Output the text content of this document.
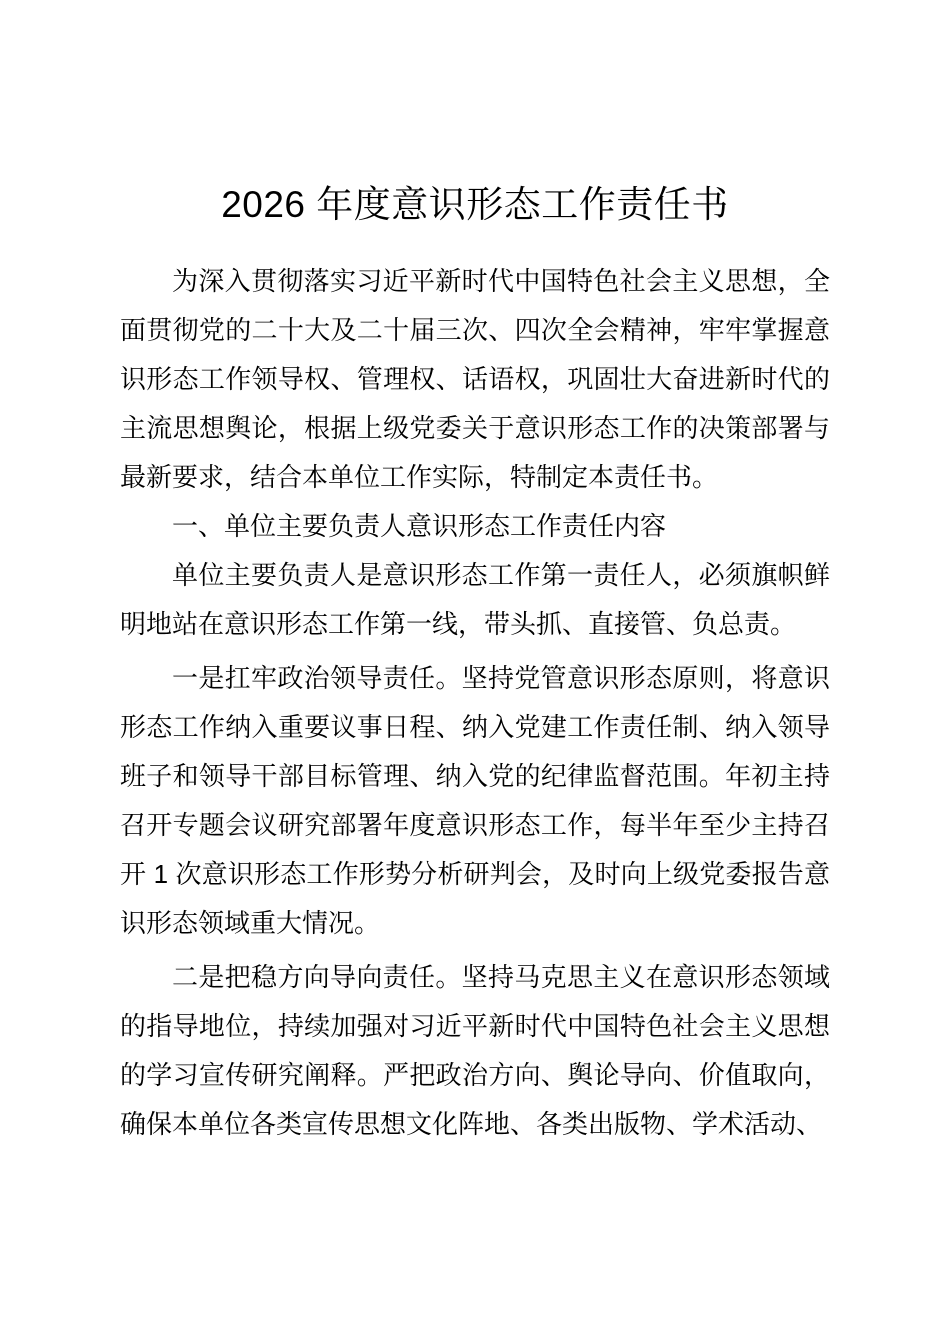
2026 年度意识形态工作责任书

为深入贯彻落实习近平新时代中国特色社会主义思想，全面贯彻党的二十大及二十届三次、四次全会精神，牢牢掌握意识形态工作领导权、管理权、话语权，巩固壮大奋进新时代的主流思想舆论，根据上级党委关于意识形态工作的决策部署与最新要求，结合本单位工作实际，特制定本责任书。

一、单位主要负责人意识形态工作责任内容

单位主要负责人是意识形态工作第一责任人，必须旗帜鲜明地站在意识形态工作第一线，带头抓、直接管、负总责。

一是扛牢政治领导责任。坚持党管意识形态原则，将意识形态工作纳入重要议事日程、纳入党建工作责任制、纳入领导班子和领导干部目标管理、纳入党的纪律监督范围。年初主持召开专题会议研究部署年度意识形态工作，每半年至少主持召开 1 次意识形态工作形势分析研判会，及时向上级党委报告意识形态领域重大情况。

二是把稳方向导向责任。坚持马克思主义在意识形态领域的指导地位，持续加强对习近平新时代中国特色社会主义思想的学习宣传研究阐释。严把政治方向、舆论导向、价值取向，确保本单位各类宣传思想文化阵地、各类出版物、学术活动、
